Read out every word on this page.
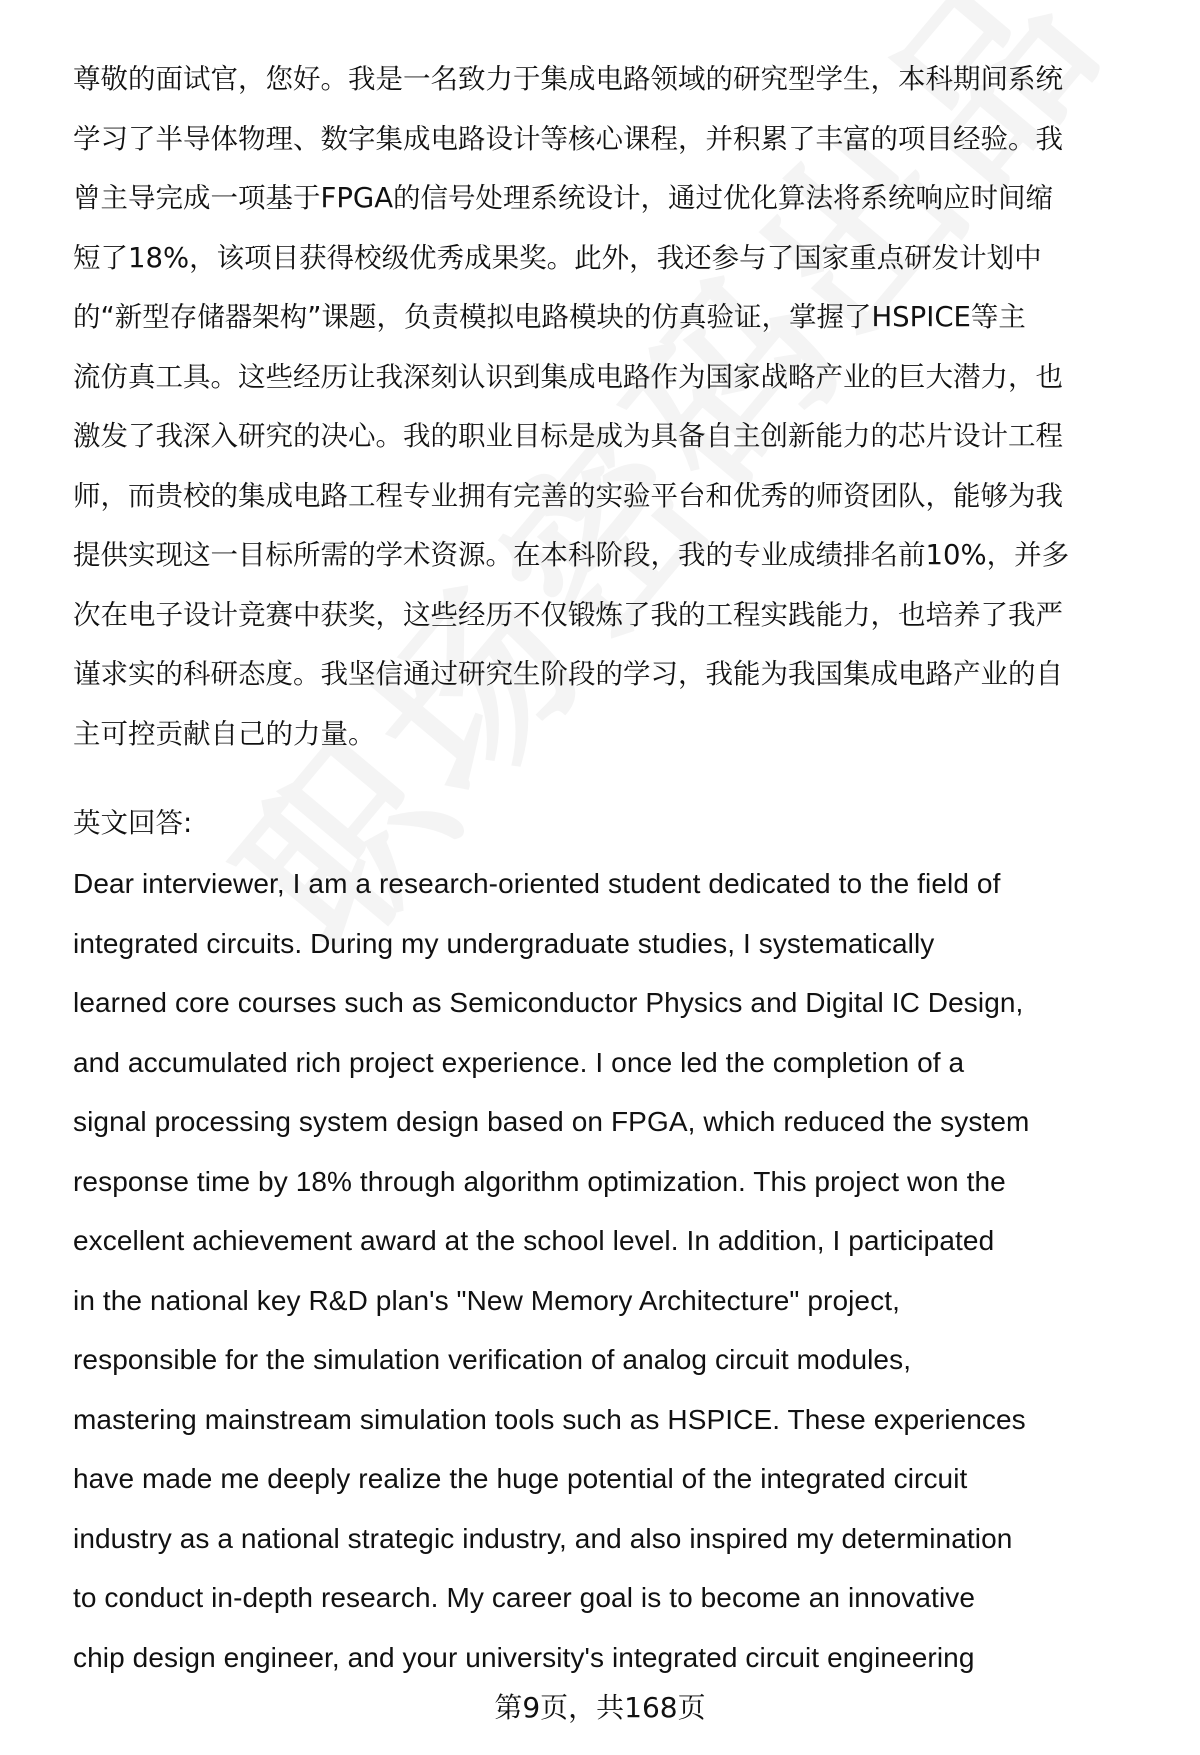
尊敬的面试官，您好。我是一名致力于集成电路领域的研究型学生，本科期间系统
学习了半导体物理、数字集成电路设计等核心课程，并积累了丰富的项目经验。我
曾主导完成一项基于FPGA的信号处理系统设计，通过优化算法将系统响应时间缩
短了18%，该项目获得校级优秀成果奖。此外，我还参与了国家重点研发计划中
的“新型存储器架构”课题，负责模拟电路模块的仿真验证，掌握了HSPICE等主
流仿真工具。这些经历让我深刻认识到集成电路作为国家战略产业的巨大潜力，也
激发了我深入研究的决心。我的职业目标是成为具备自主创新能力的芯片设计工程
师，而贵校的集成电路工程专业拥有完善的实验平台和优秀的师资团队，能够为我
提供实现这一目标所需的学术资源。在本科阶段，我的专业成绩排名前10%，并多
次在电子设计竞赛中获奖，这些经历不仅锻炼了我的工程实践能力，也培养了我严
谨求实的科研态度。我坚信通过研究生阶段的学习，我能为我国集成电路产业的自
主可控贡献自己的力量。
英文回答:
Dear interviewer, I am a research-oriented student dedicated to the field of
integrated circuits. During my undergraduate studies, I systematically
learned core courses such as Semiconductor Physics and Digital IC Design,
and accumulated rich project experience. I once led the completion of a
signal processing system design based on FPGA, which reduced the system
response time by 18% through algorithm optimization. This project won the
excellent achievement award at the school level. In addition, I participated
in the national key R&D plan's "New Memory Architecture" project,
responsible for the simulation verification of analog circuit modules,
mastering mainstream simulation tools such as HSPICE. These experiences
have made me deeply realize the huge potential of the integrated circuit
industry as a national strategic industry, and also inspired my determination
to conduct in-depth research. My career goal is to become an innovative
chip design engineer, and your university's integrated circuit engineering
第9页，共168页
